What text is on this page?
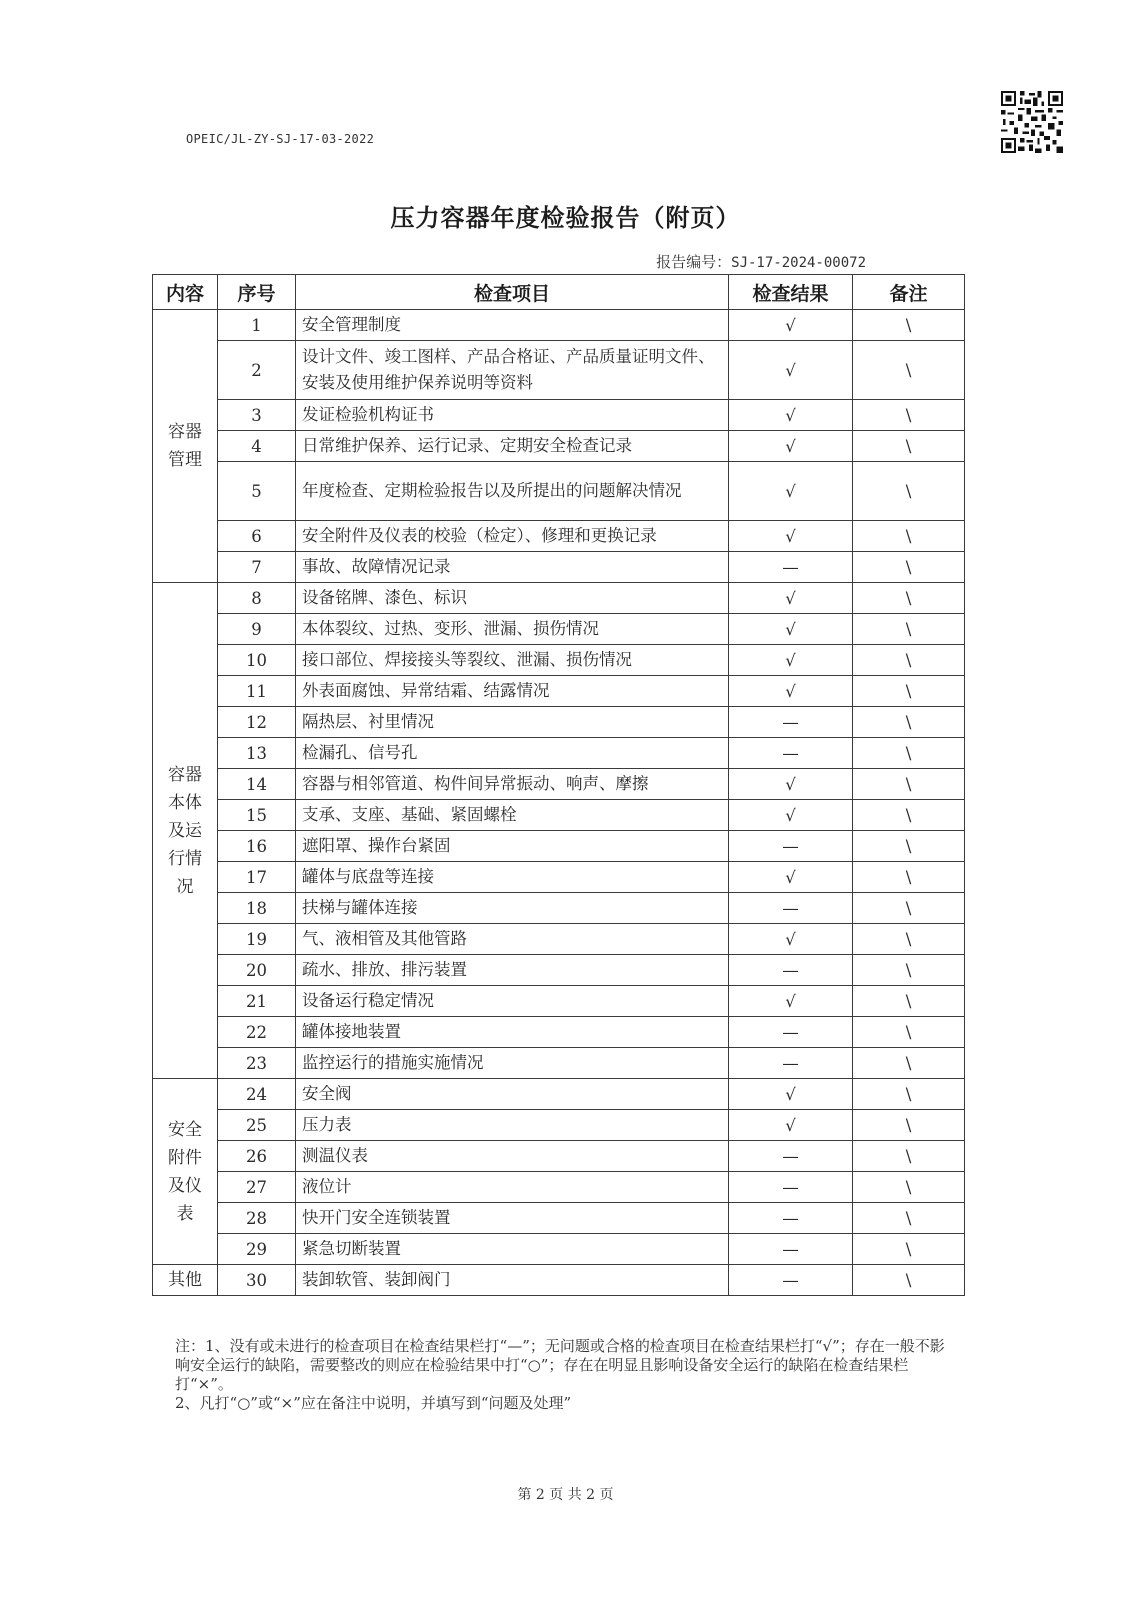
OPEIC/JL-ZY-SJ-17-03-2022
压力容器年度检验报告（附页）
报告编号：SJ-17-2024-00072
内容	序号	检查项目	检查结果	备注

容器
管理	1	安全管理制度	√	\
	2	设计文件、竣工图样、产品合格证、产品质量证明文件、安装及使用维护保养说明等资料	√	\
	3	发证检验机构证书	√	\
	4	日常维护保养、运行记录、定期安全检查记录	√	\
	5	年度检查、定期检验报告以及所提出的问题解决情况	√	\
	6	安全附件及仪表的校验（检定）、修理和更换记录	√	\
	7	事故、故障情况记录	—	\

容器
本体
及运
行情
况	8	设备铭牌、漆色、标识	√	\
	9	本体裂纹、过热、变形、泄漏、损伤情况	√	\
	10	接口部位、焊接接头等裂纹、泄漏、损伤情况	√	\
	11	外表面腐蚀、异常结霜、结露情况	√	\
	12	隔热层、衬里情况	—	\
	13	检漏孔、信号孔	—	\
	14	容器与相邻管道、构件间异常振动、响声、摩擦	√	\
	15	支承、支座、基础、紧固螺栓	√	\
	16	遮阳罩、操作台紧固	—	\
	17	罐体与底盘等连接	√	\
	18	扶梯与罐体连接	—	\
	19	气、液相管及其他管路	√	\
	20	疏水、排放、排污装置	—	\
	21	设备运行稳定情况	√	\
	22	罐体接地装置	—	\
	23	监控运行的措施实施情况	—	\

安全
附件
及仪
表	24	安全阀	√	\
	25	压力表	√	\
	26	测温仪表	—	\
	27	液位计	—	\
	28	快开门安全连锁装置	—	\
	29	紧急切断装置	—	\

其他	30	装卸软管、装卸阀门	—	\

注：1、没有或未进行的检查项目在检查结果栏打“—”；无问题或合格的检查项目在检查结果栏打“√”；存在一般不影响安全运行的缺陷，需要整改的则应在检验结果中打“○”；存在在明显且影响设备安全运行的缺陷在检查结果栏打“×”。

2、凡打“○”或“×”应在备注中说明，并填写到“问题及处理”

第 2 页 共 2 页
